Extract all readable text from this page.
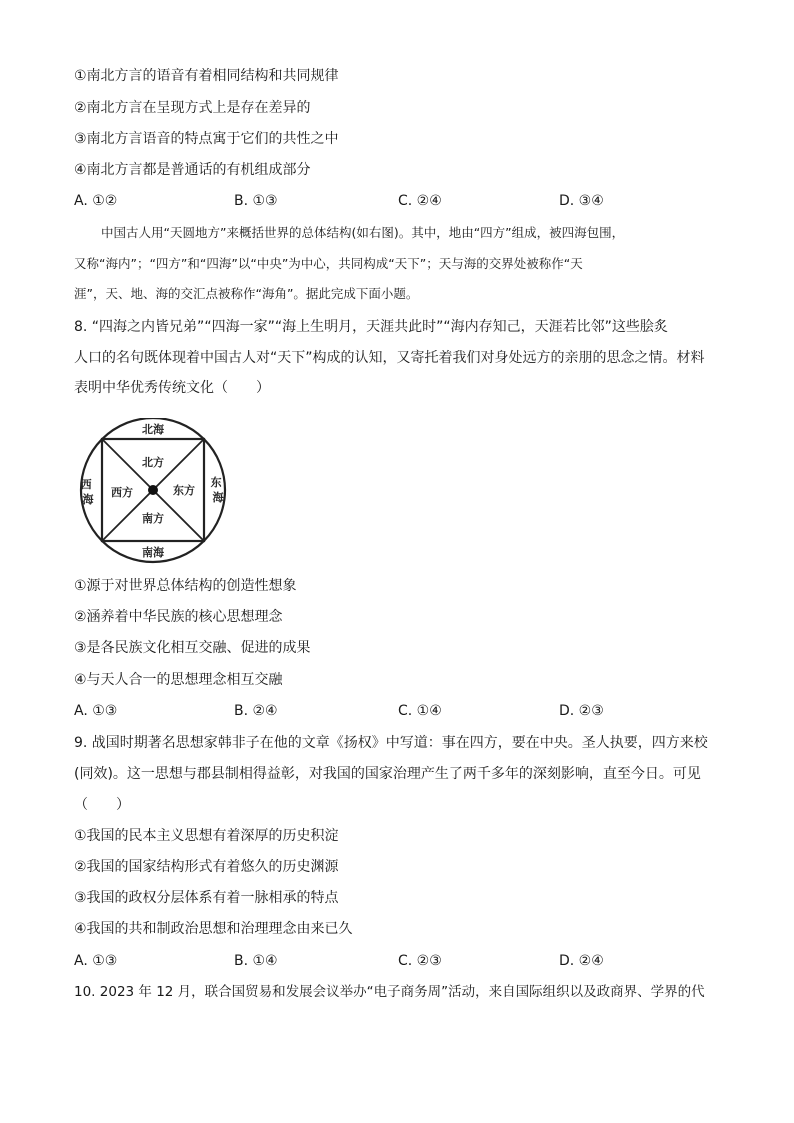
①南北方言的语音有着相同结构和共同规律
②南北方言在呈现方式上是存在差异的
③南北方言语音的特点寓于它们的共性之中
④南北方言都是普通话的有机组成部分
A. ①②	B. ①③	C. ②④	D. ③④
中国古人用“天圆地方”来概括世界的总体结构(如右图)。其中，地由“四方”组成，被四海包围，
又称“海内”；“四方”和“四海”以“中央”为中心，共同构成“天下”；天与海的交界处被称作“天
涯”，天、地、海的交汇点被称作“海角”。据此完成下面小题。
8. “四海之内皆兄弟”“四海一家”“海上生明月，天涯共此时”“海内存知己，天涯若比邻”这些脍炙
人口的名句既体现着中国古人对“天下”构成的认知，又寄托着我们对身处远方的亲朋的思念之情。材料
表明中华优秀传统文化（　　）
北海
南海
西 海
东 海
北方
南方
西方	东方
①源于对世界总体结构的创造性想象
②涵养着中华民族的核心思想理念
③是各民族文化相互交融、促进的成果
④与天人合一的思想理念相互交融
A. ①③	B. ②④	C. ①④	D. ②③
9. 战国时期著名思想家韩非子在他的文章《扬权》中写道：事在四方，要在中央。圣人执要，四方来校
(同效)。这一思想与郡县制相得益彰，对我国的国家治理产生了两千多年的深刻影响，直至今日。可见
（　　）
①我国的民本主义思想有着深厚的历史积淀
②我国的国家结构形式有着悠久的历史渊源
③我国的政权分层体系有着一脉相承的特点
④我国的共和制政治思想和治理理念由来已久
A. ①③	B. ①④	C. ②③	D. ②④
10. 2023 年 12 月，联合国贸易和发展会议举办“电子商务周”活动，来自国际组织以及政商界、学界的代
